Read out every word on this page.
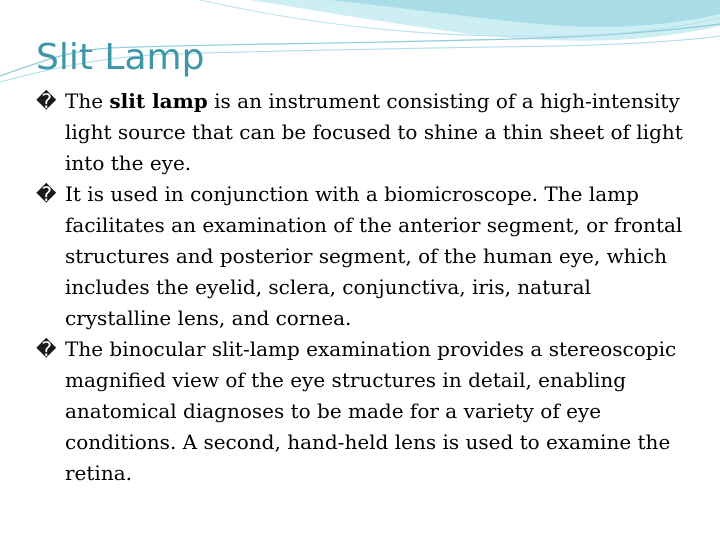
Slit Lamp

� The slit lamp is an instrument consisting of a high-intensity light source that can be focused to shine a thin sheet of light into the eye.

� It is used in conjunction with a biomicroscope. The lamp facilitates an examination of the anterior segment, or frontal structures and posterior segment, of the human eye, which includes the eyelid, sclera, conjunctiva, iris, natural crystalline lens, and cornea.

� The binocular slit-lamp examination provides a stereoscopic magnified view of the eye structures in detail, enabling anatomical diagnoses to be made for a variety of eye conditions. A second, hand-held lens is used to examine the retina.
